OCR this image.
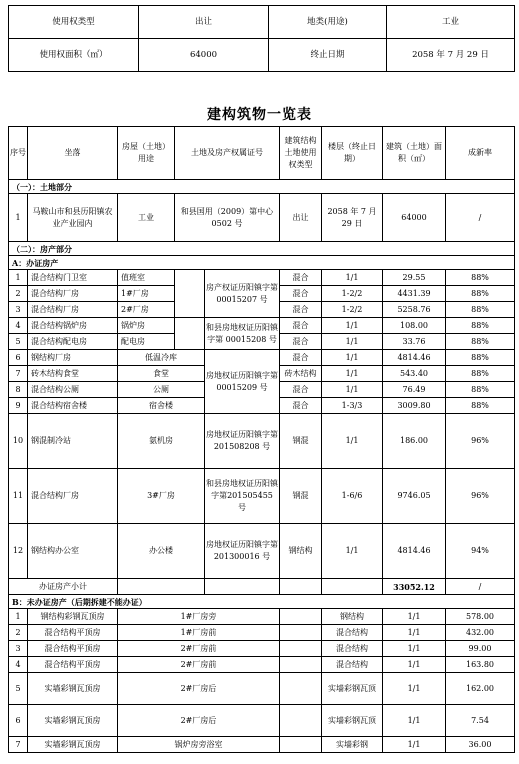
使用权类型	出让	地类(用途)	工业
使用权面积（㎡）	64000	终止日期	2058 年 7 月 29 日
建构筑物一览表
序号	坐落	房屋（土地）用途	土地及房产权属证号		建筑结构土地使用权类型	楼层（终止日期）	建筑（土地）面积（㎡）	成新率	
（一）：土地部分									
1	马鞍山市和县历阳镇农业产业园内	工业	和县国用（2009）第中心 0502 号		出让	2058 年 7 月 29 日	64000	/	
（二）：房产部分									
A：办证房产									
1	混合结构门卫室	值班室		房产权证历阳镇字第 00015207 号	混合	1/1	29.55	88%	
2	混合结构厂房	1#厂房			混合	1-2/2	4431.39	88%	
3	混合结构厂房	2#厂房			混合	1-2/2	5258.76	88%	
4	混合结构锅炉房	锅炉房		和县房地权证历阳镇字第 00015208 号	混合	1/1	108.00	88%	
5	混合结构配电房	配电房			混合	1/1	33.76	88%	
6	钢结构厂房	低温冷库		房地权证历阳镇字第 00015209 号	混合	1/1	4814.46	88%	
7	砖木结构食堂	食堂			砖木结构	1/1	543.40	88%	
8	混合结构公厕	公厕			混合	1/1	76.49	88%	
9	混合结构宿舍楼	宿舍楼			混合	1-3/3	3009.80	88%	
10	钢混制冷站	氨机房		房地权证历阳镇字第201508208 号	钢混	1/1	186.00	96%	
11	混合结构厂房	3#厂房		和县房地权证历阳镇字第201505455 号	钢混	1-6/6	9746.05	96%	
12	钢结构办公室	办公楼		房地权证历阳镇字第201300016 号	钢结构	1/1	4814.46	94%	
办证房产小计							33052.12	/	
B：未办证房产（后期拆建不能办证）									
1	钢结构彩钢瓦顶房	1#厂房旁				钢结构	1/1	578.00	
2	混合结构平顶房	1#厂房前				混合结构	1/1	432.00	
3	混合结构平顶房	2#厂房前				混合结构	1/1	99.00	
4	混合结构平顶房	2#厂房前				混合结构	1/1	163.80	
5	实墙彩钢瓦顶房	2#厂房后				实墙彩钢瓦顶	1/1	162.00	
6	实墙彩钢瓦顶房	2#厂房后				实墙彩钢瓦顶	1/1	7.54	
7	实墙彩钢瓦顶房	锅炉房旁浴室				实墙彩钢	1/1	36.00	
